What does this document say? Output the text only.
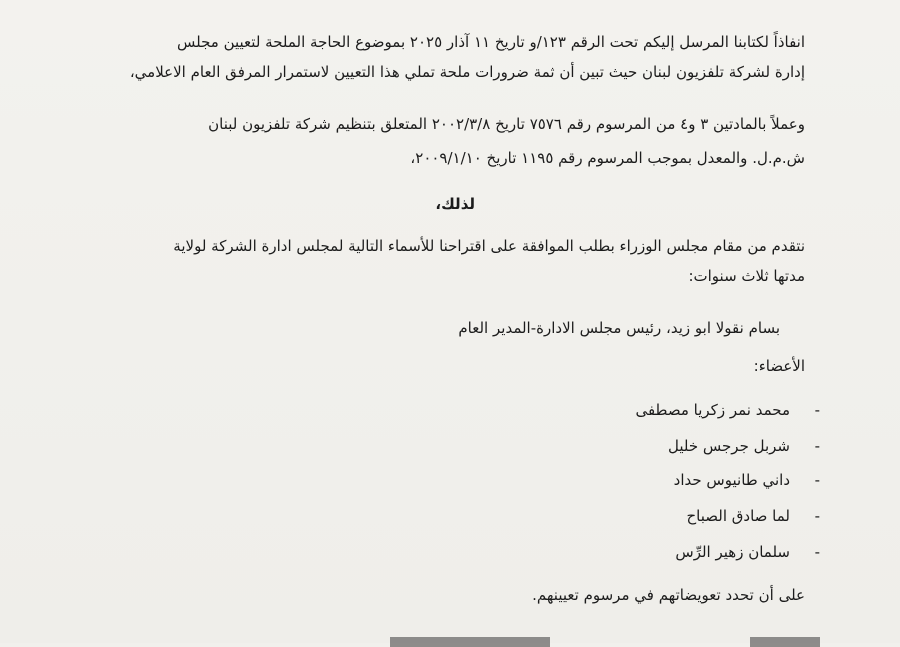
انفاذاً لكتابنا المرسل إليكم تحت الرقم ١٢٣/و تاريخ ١١ آذار ٢٠٢٥ بموضوع الحاجة الملحة لتعيين مجلس
إدارة لشركة تلفزيون لبنان حيث تبين أن ثمة ضرورات ملحة تملي هذا التعيين لاستمرار المرفق العام الاعلامي،
وعملاً بالمادتين ٣ و٤ من المرسوم رقم ٧٥٧٦ تاريخ ٢٠٠٢/٣/٨ المتعلق بتنظيم شركة تلفزيون لبنان
ش.م.ل. والمعدل بموجب المرسوم رقم ١١٩٥ تاريخ ٢٠٠٩/١/١٠،
لذلك،
نتقدم من مقام مجلس الوزراء بطلب الموافقة على اقتراحنا للأسماء التالية لمجلس ادارة الشركة لولاية
مدتها ثلاث سنوات:
بسام نقولا ابو زيد، رئيس مجلس الادارة-المدير العام
الأعضاء:
محمد نمر زكريا مصطفى -
شربل جرجس خليل -
داني طانيوس حداد -
لما صادق الصباح -
سلمان زهير الرِّس -
على أن تحدد تعويضاتهم في مرسوم تعيينهم.
